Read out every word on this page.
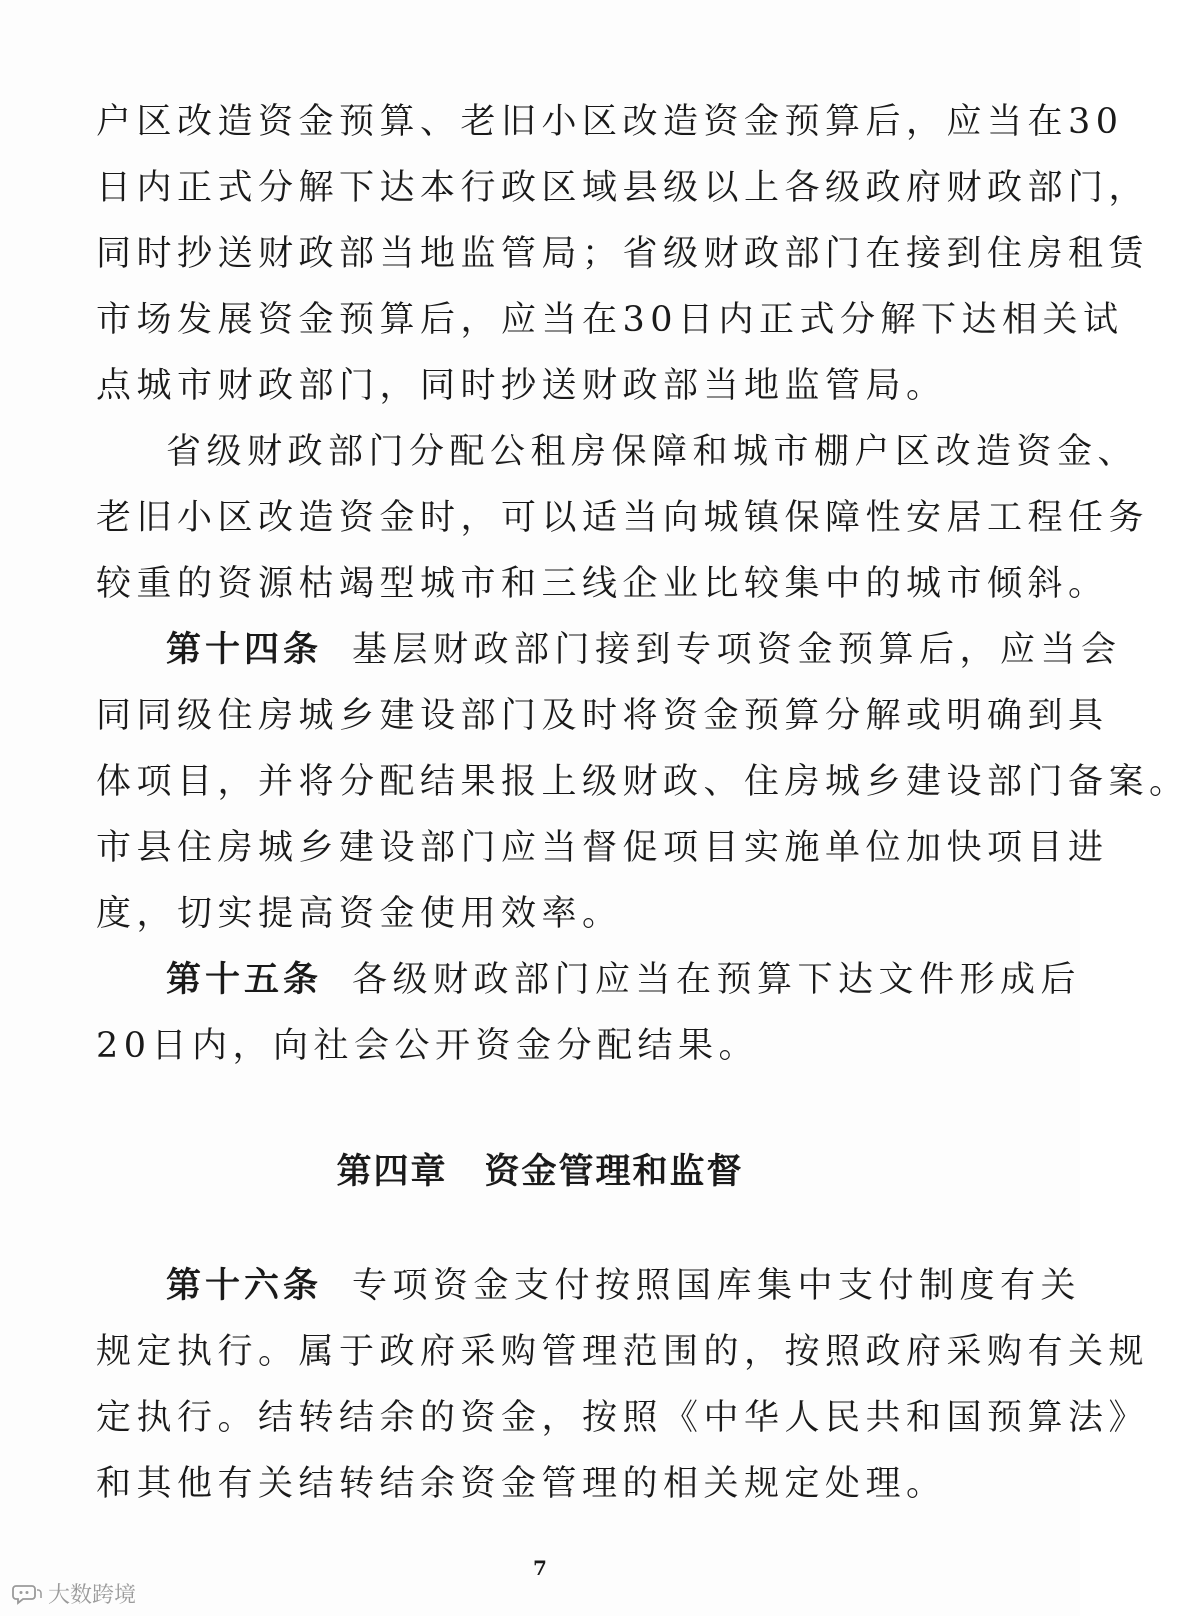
户区改造资金预算、老旧小区改造资金预算后，应当在30
日内正式分解下达本行政区域县级以上各级政府财政部门，
同时抄送财政部当地监管局；省级财政部门在接到住房租赁
市场发展资金预算后，应当在30日内正式分解下达相关试
点城市财政部门，同时抄送财政部当地监管局。
省级财政部门分配公租房保障和城市棚户区改造资金、
老旧小区改造资金时，可以适当向城镇保障性安居工程任务
较重的资源枯竭型城市和三线企业比较集中的城市倾斜。
第十四条 基层财政部门接到专项资金预算后，应当会
同同级住房城乡建设部门及时将资金预算分解或明确到具
体项目，并将分配结果报上级财政、住房城乡建设部门备案。
市县住房城乡建设部门应当督促项目实施单位加快项目进
度，切实提高资金使用效率。
第十五条 各级财政部门应当在预算下达文件形成后
20日内，向社会公开资金分配结果。
第四章　资金管理和监督
第十六条 专项资金支付按照国库集中支付制度有关
规定执行。属于政府采购管理范围的，按照政府采购有关规
定执行。结转结余的资金，按照《中华人民共和国预算法》
和其他有关结转结余资金管理的相关规定处理。
7
大数跨境
